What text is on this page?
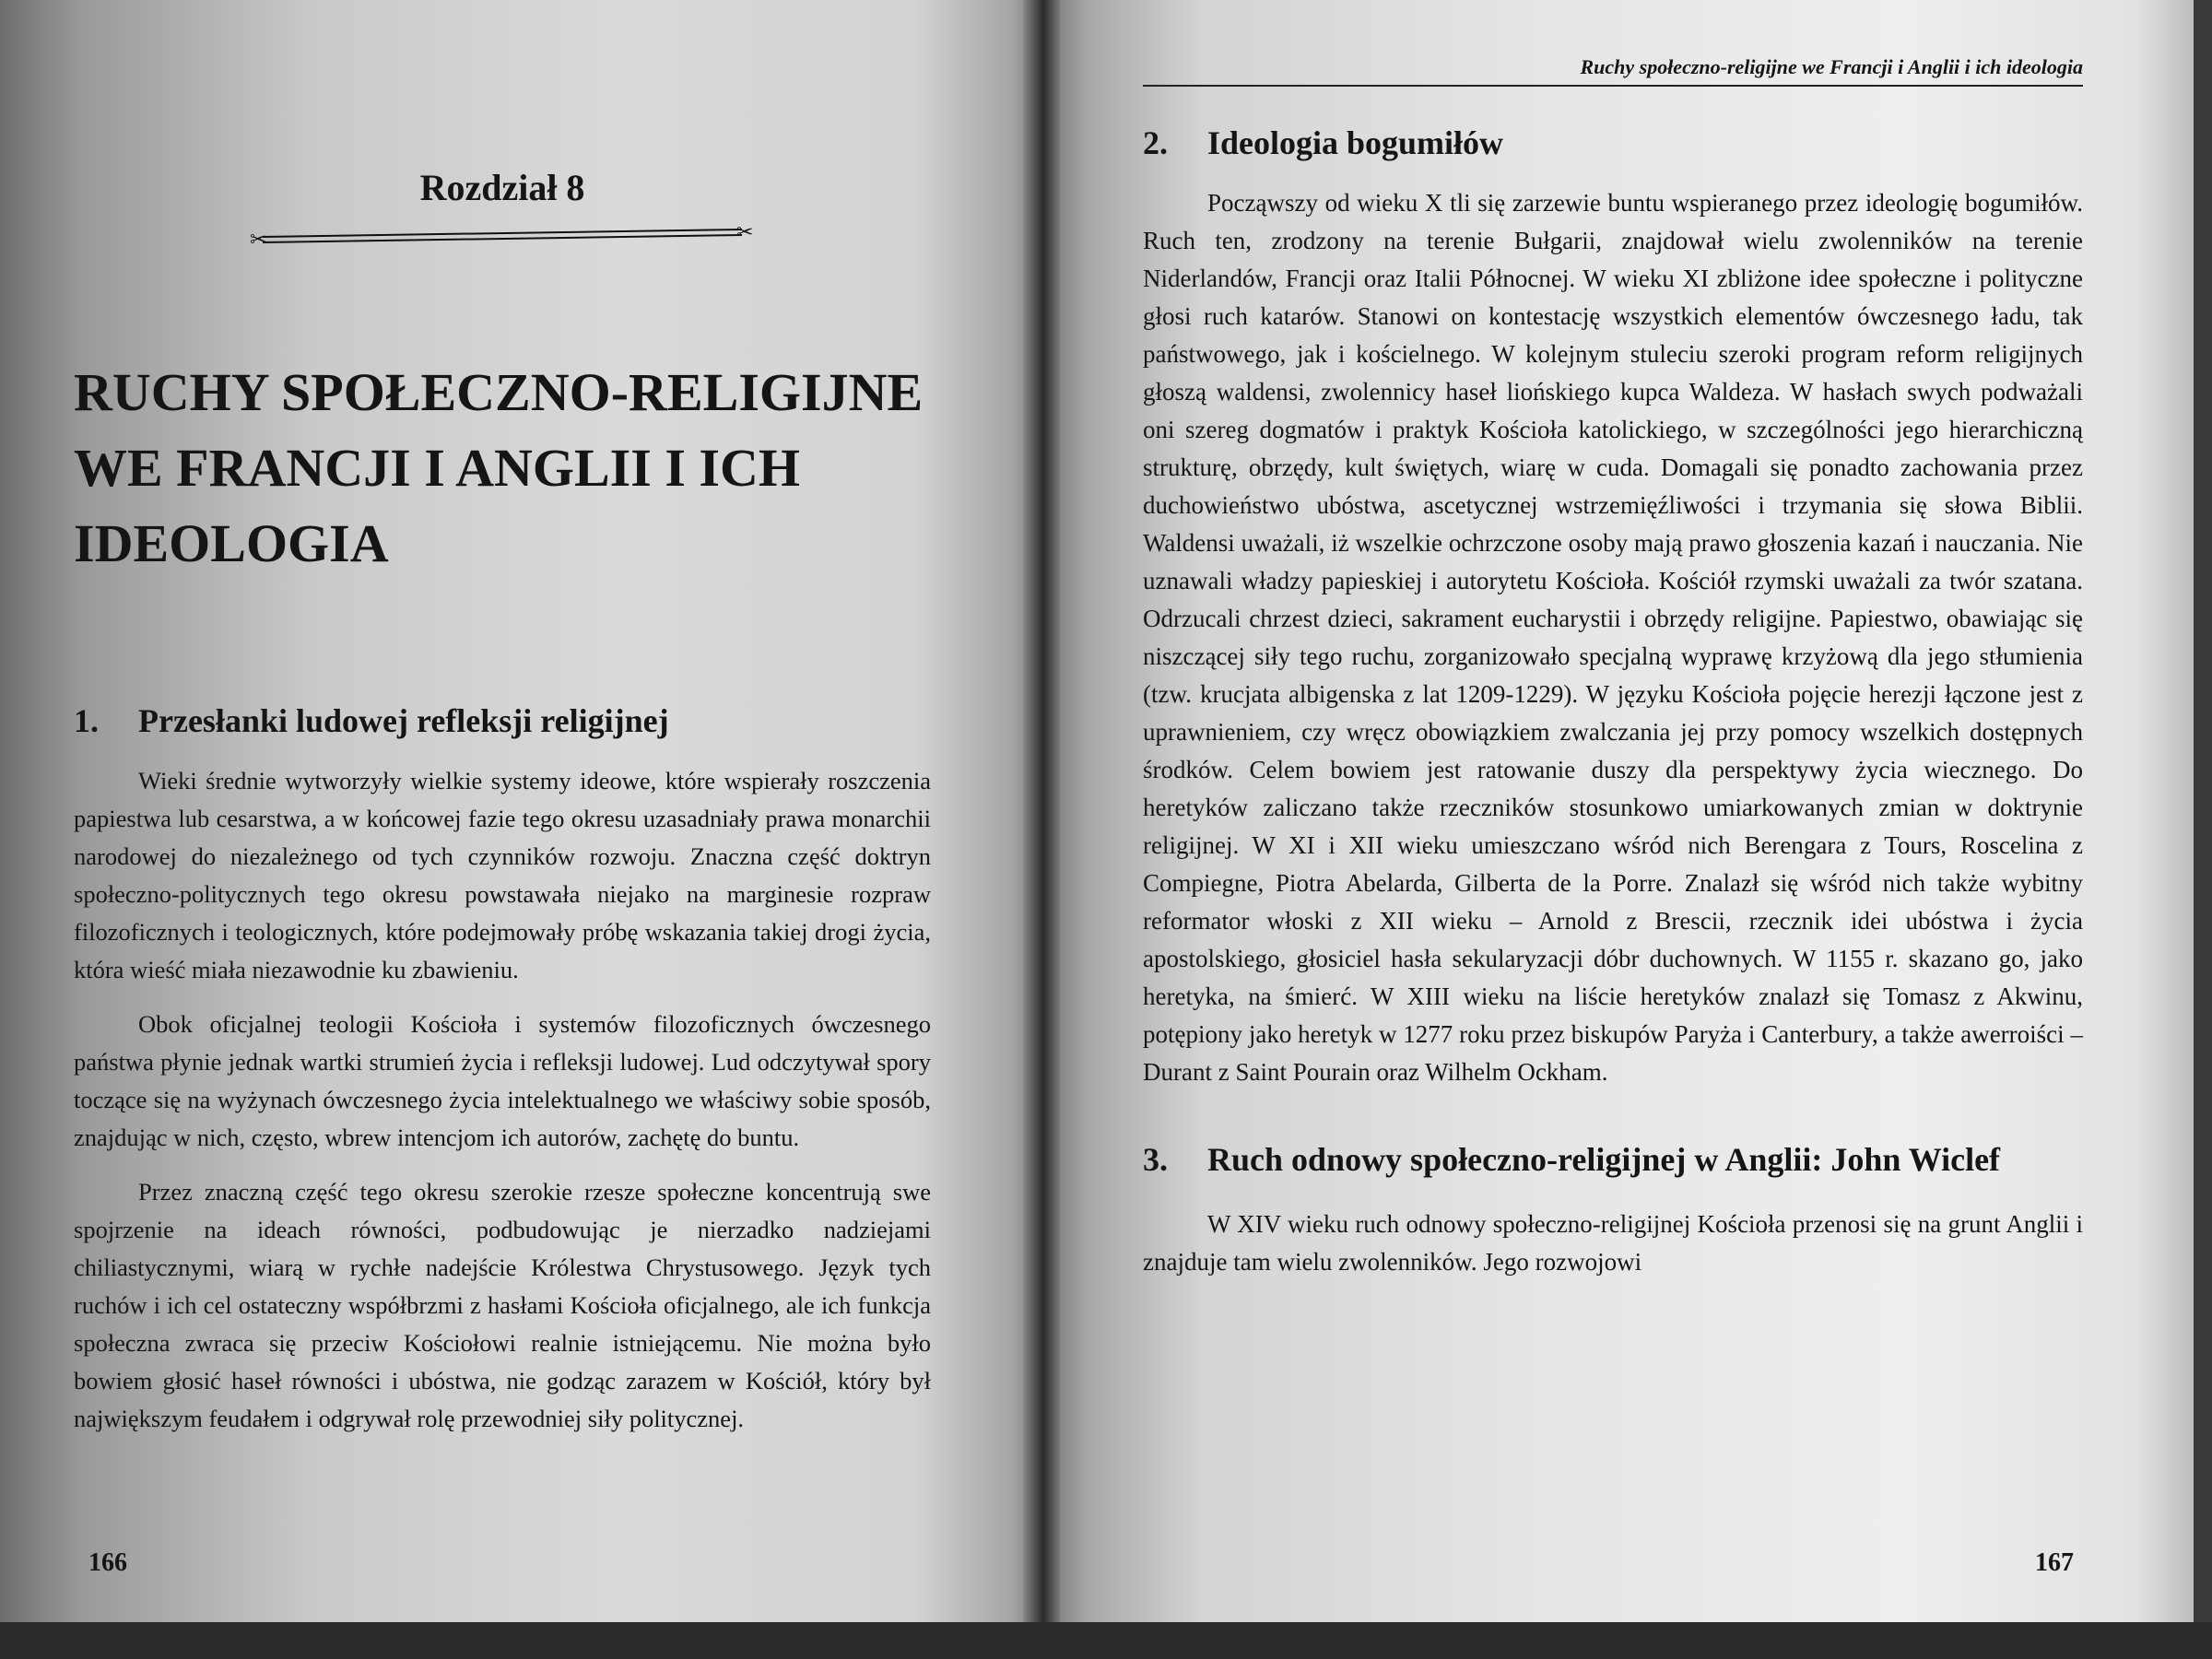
Rozdział 8
✂	✂
RUCHY SPOŁECZNO-RELIGIJNE WE FRANCJI I ANGLII I ICH IDEOLOGIA
1. Przesłanki ludowej refleksji religijnej

Wieki średnie wytworzyły wielkie systemy ideowe, które wspierały roszczenia papiestwa lub cesarstwa, a w końcowej fazie tego okresu uzasadniały prawa monarchii narodowej do niezależnego od tych czynników rozwoju. Znaczna część doktryn społeczno-politycznych tego okresu powstawała niejako na marginesie rozpraw filozoficznych i teologicznych, które podejmowały próbę wskazania takiej drogi życia, która wieść miała niezawodnie ku zbawieniu.

Obok oficjalnej teologii Kościoła i systemów filozoficznych ówczesnego państwa płynie jednak wartki strumień życia i refleksji ludowej. Lud odczytywał spory toczące się na wyżynach ówczesnego życia intelektualnego we właściwy sobie sposób, znajdując w nich, często, wbrew intencjom ich autorów, zachętę do buntu.

Przez znaczną część tego okresu szerokie rzesze społeczne koncentrują swe spojrzenie na ideach równości, podbudowując je nierzadko nadziejami chiliastycznymi, wiarą w rychłe nadejście Królestwa Chrystusowego. Język tych ruchów i ich cel ostateczny współbrzmi z hasłami Kościoła oficjalnego, ale ich funkcja społeczna zwraca się przeciw Kościołowi realnie istniejącemu. Nie można było bowiem głosić haseł równości i ubóstwa, nie godząc zarazem w Kościół, który był największym feudałem i odgrywał rolę przewodniej siły politycznej.

166
Ruchy społeczno-religijne we Francji i Anglii i ich ideologia
2. Ideologia bogumiłów

Począwszy od wieku X tli się zarzewie buntu wspieranego przez ideologię bogumiłów. Ruch ten, zrodzony na terenie Bułgarii, znajdował wielu zwolenników na terenie Niderlandów, Francji oraz Italii Północnej. W wieku XI zbliżone idee społeczne i polityczne głosi ruch katarów. Stanowi on kontestację wszystkich elementów ówczesnego ładu, tak państwowego, jak i kościelnego. W kolejnym stuleciu szeroki program reform religijnych głoszą waldensi, zwolennicy haseł liońskiego kupca Waldeza. W hasłach swych podważali oni szereg dogmatów i praktyk Kościoła katolickiego, w szczególności jego hierarchiczną strukturę, obrzędy, kult świętych, wiarę w cuda. Domagali się ponadto zachowania przez duchowieństwo ubóstwa, ascetycznej wstrzemięźliwości i trzymania się słowa Biblii. Waldensi uważali, iż wszelkie ochrzczone osoby mają prawo głoszenia kazań i nauczania. Nie uznawali władzy papieskiej i autorytetu Kościoła. Kościół rzymski uważali za twór szatana. Odrzucali chrzest dzieci, sakrament eucharystii i obrzędy religijne. Papiestwo, obawiając się niszczącej siły tego ruchu, zorganizowało specjalną wyprawę krzyżową dla jego stłumienia (tzw. krucjata albigenska z lat 1209-1229). W języku Kościoła pojęcie herezji łączone jest z uprawnieniem, czy wręcz obowiązkiem zwalczania jej przy pomocy wszelkich dostępnych środków. Celem bowiem jest ratowanie duszy dla perspektywy życia wiecznego. Do heretyków zaliczano także rzeczników stosunkowo umiarkowanych zmian w doktrynie religijnej. W XI i XII wieku umieszczano wśród nich Berengara z Tours, Roscelina z Compiegne, Piotra Abelarda, Gilberta de la Porre. Znalazł się wśród nich także wybitny reformator włoski z XII wieku – Arnold z Brescii, rzecznik idei ubóstwa i życia apostolskiego, głosiciel hasła sekularyzacji dóbr duchownych. W 1155 r. skazano go, jako heretyka, na śmierć. W XIII wieku na liście heretyków znalazł się Tomasz z Akwinu, potępiony jako heretyk w 1277 roku przez biskupów Paryża i Canterbury, a także awerroiści – Durant z Saint Pourain oraz Wilhelm Ockham.

3. Ruch odnowy społeczno-religijnej w Anglii: John Wiclef

W XIV wieku ruch odnowy społeczno-religijnej Kościoła przenosi się na grunt Anglii i znajduje tam wielu zwolenników. Jego rozwojowi

167
